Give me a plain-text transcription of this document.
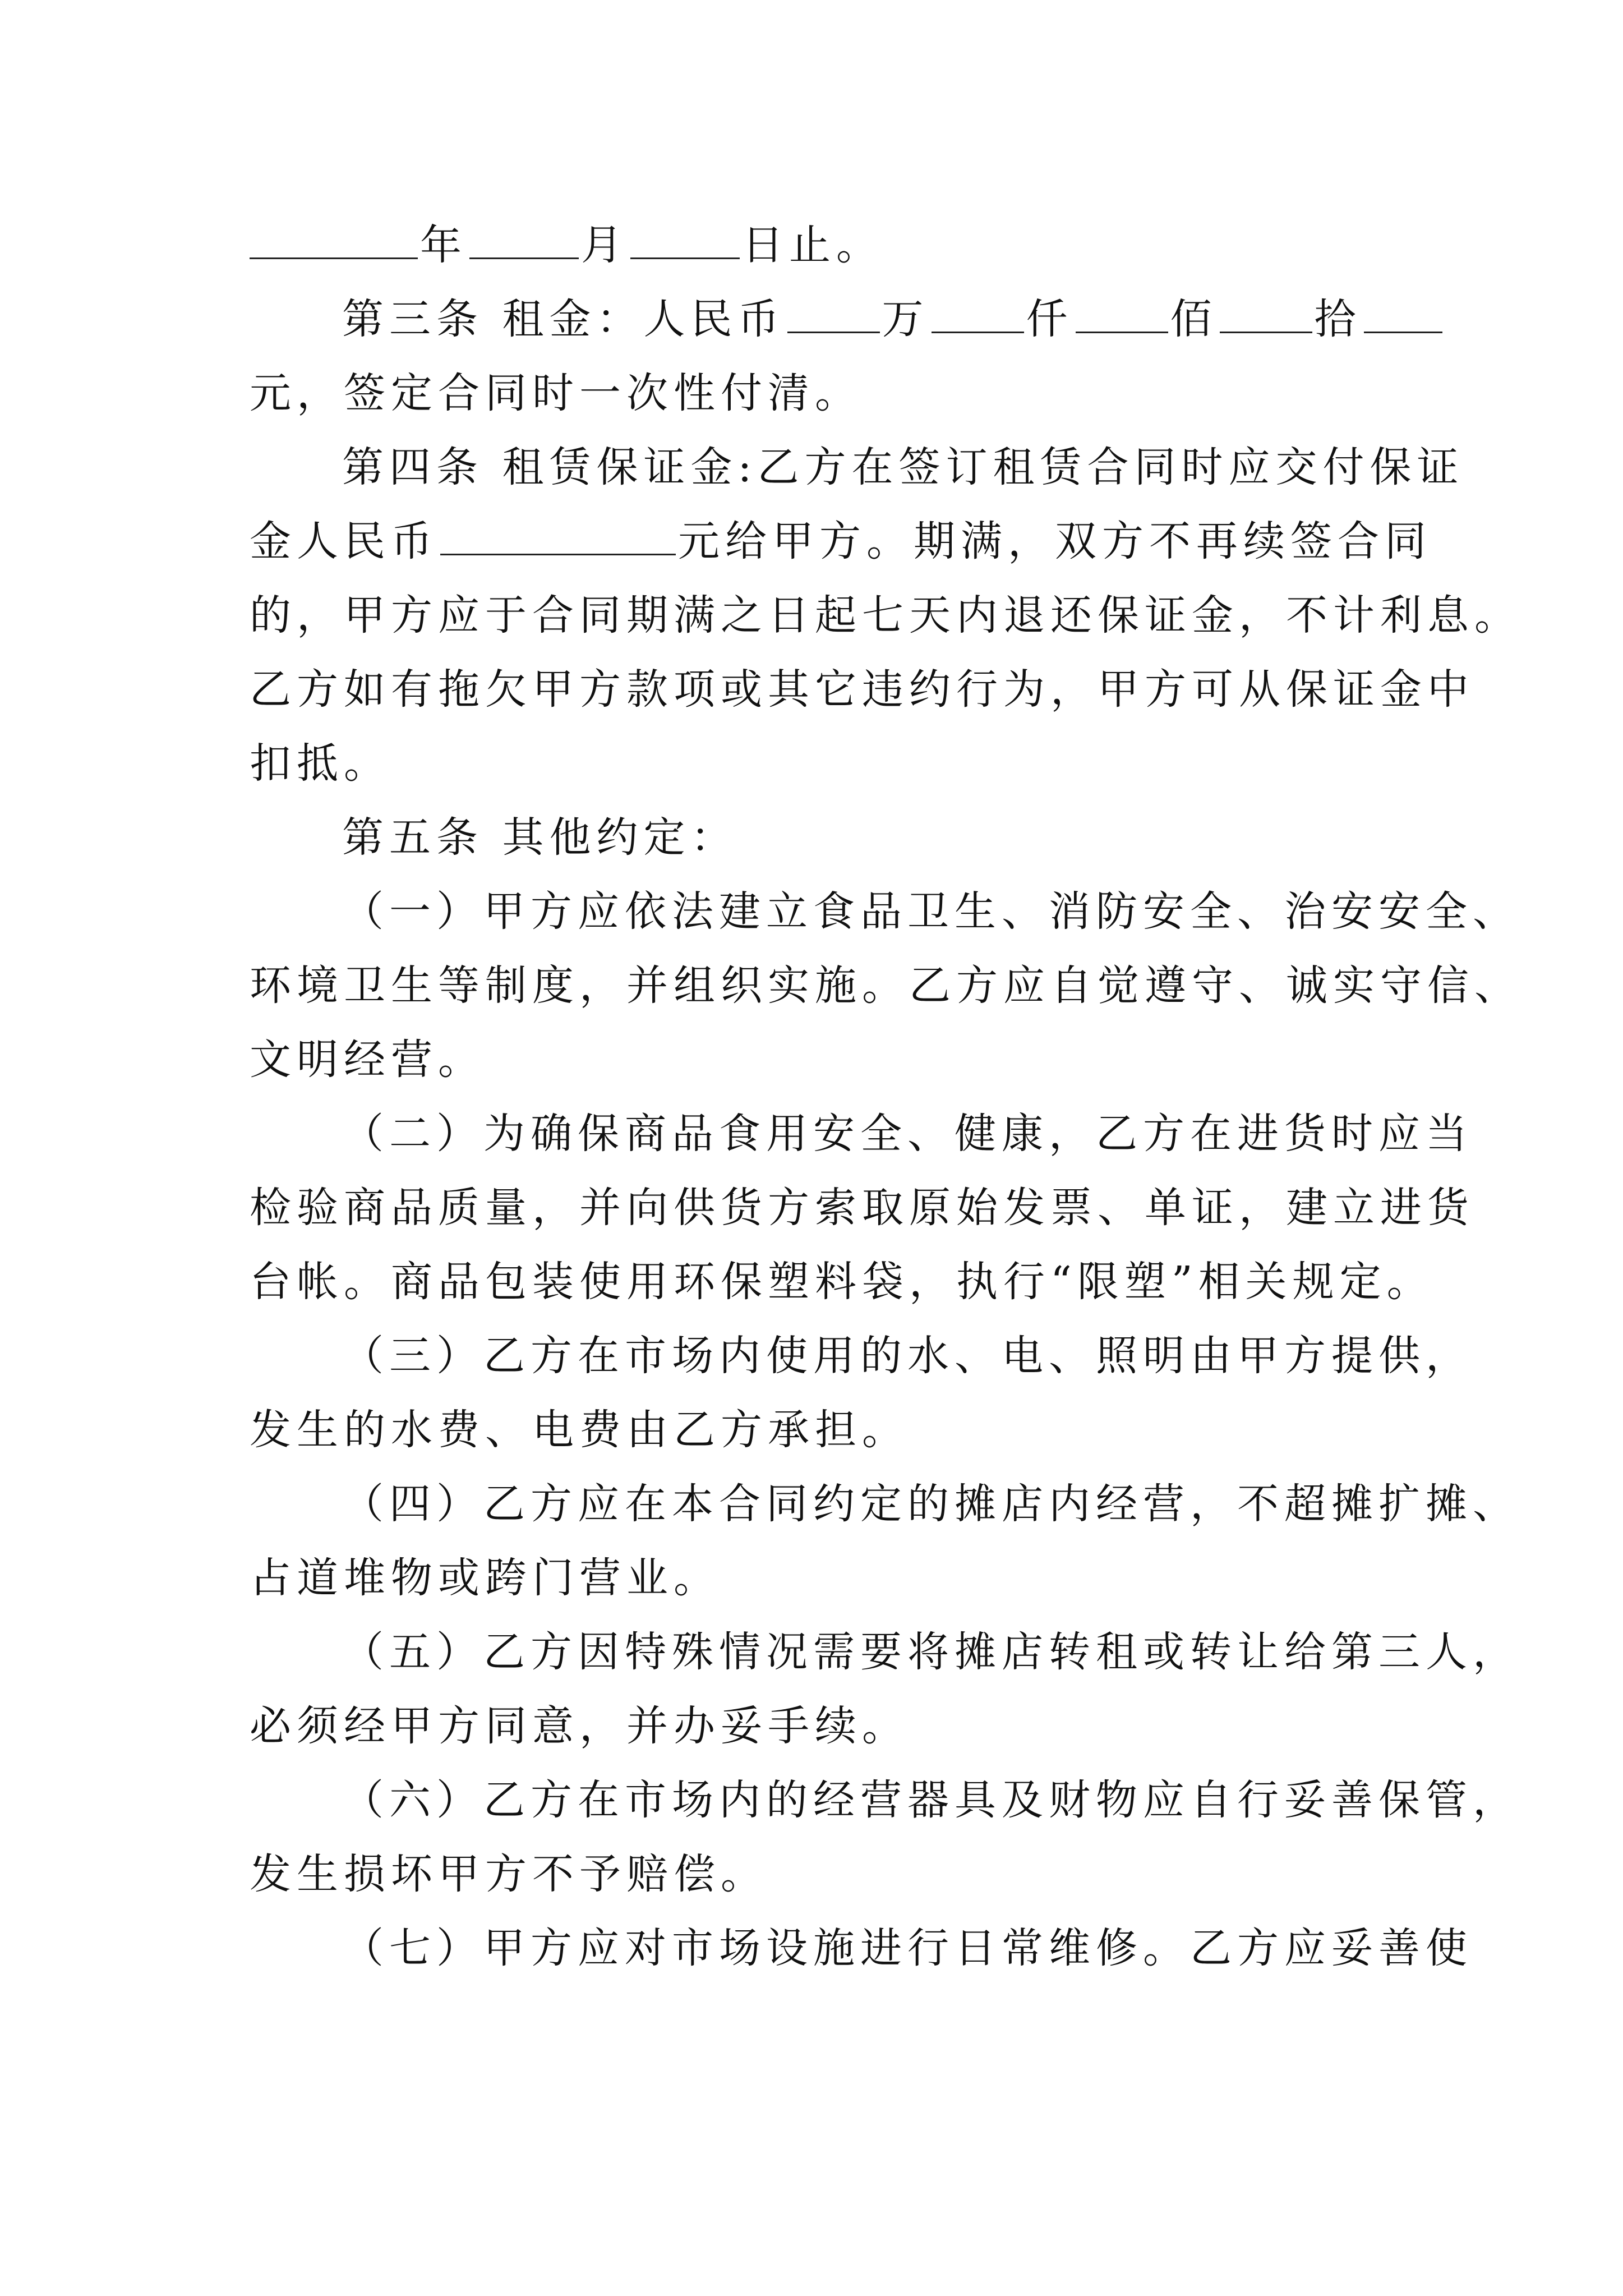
年	月	日止。
第三条 租金：人民币 万 仟 佰 拾
元，签定合同时一次性付清。
第四条 租赁保证金:乙方在签订租赁合同时应交付保证
金人民币	元给甲方。期满，双方不再续签合同
的，甲方应于合同期满之日起七天内退还保证金，不计利息。
乙方如有拖欠甲方款项或其它违约行为，甲方可从保证金中
扣抵。
第五条 其他约定：
（一）甲方应依法建立食品卫生、消防安全、治安安全、
环境卫生等制度，并组织实施。乙方应自觉遵守、诚实守信、
文明经营。
（二）为确保商品食用安全、健康，乙方在进货时应当
检验商品质量，并向供货方索取原始发票、单证，建立进货
台帐。商品包装使用环保塑料袋，执行“限塑”相关规定。
（三）乙方在市场内使用的水、电、照明由甲方提供，
发生的水费、电费由乙方承担。
（四）乙方应在本合同约定的摊店内经营，不超摊扩摊、
占道堆物或跨门营业。
（五）乙方因特殊情况需要将摊店转租或转让给第三人，
必须经甲方同意，并办妥手续。
（六）乙方在市场内的经营器具及财物应自行妥善保管，
发生损坏甲方不予赔偿。
（七）甲方应对市场设施进行日常维修。乙方应妥善使
